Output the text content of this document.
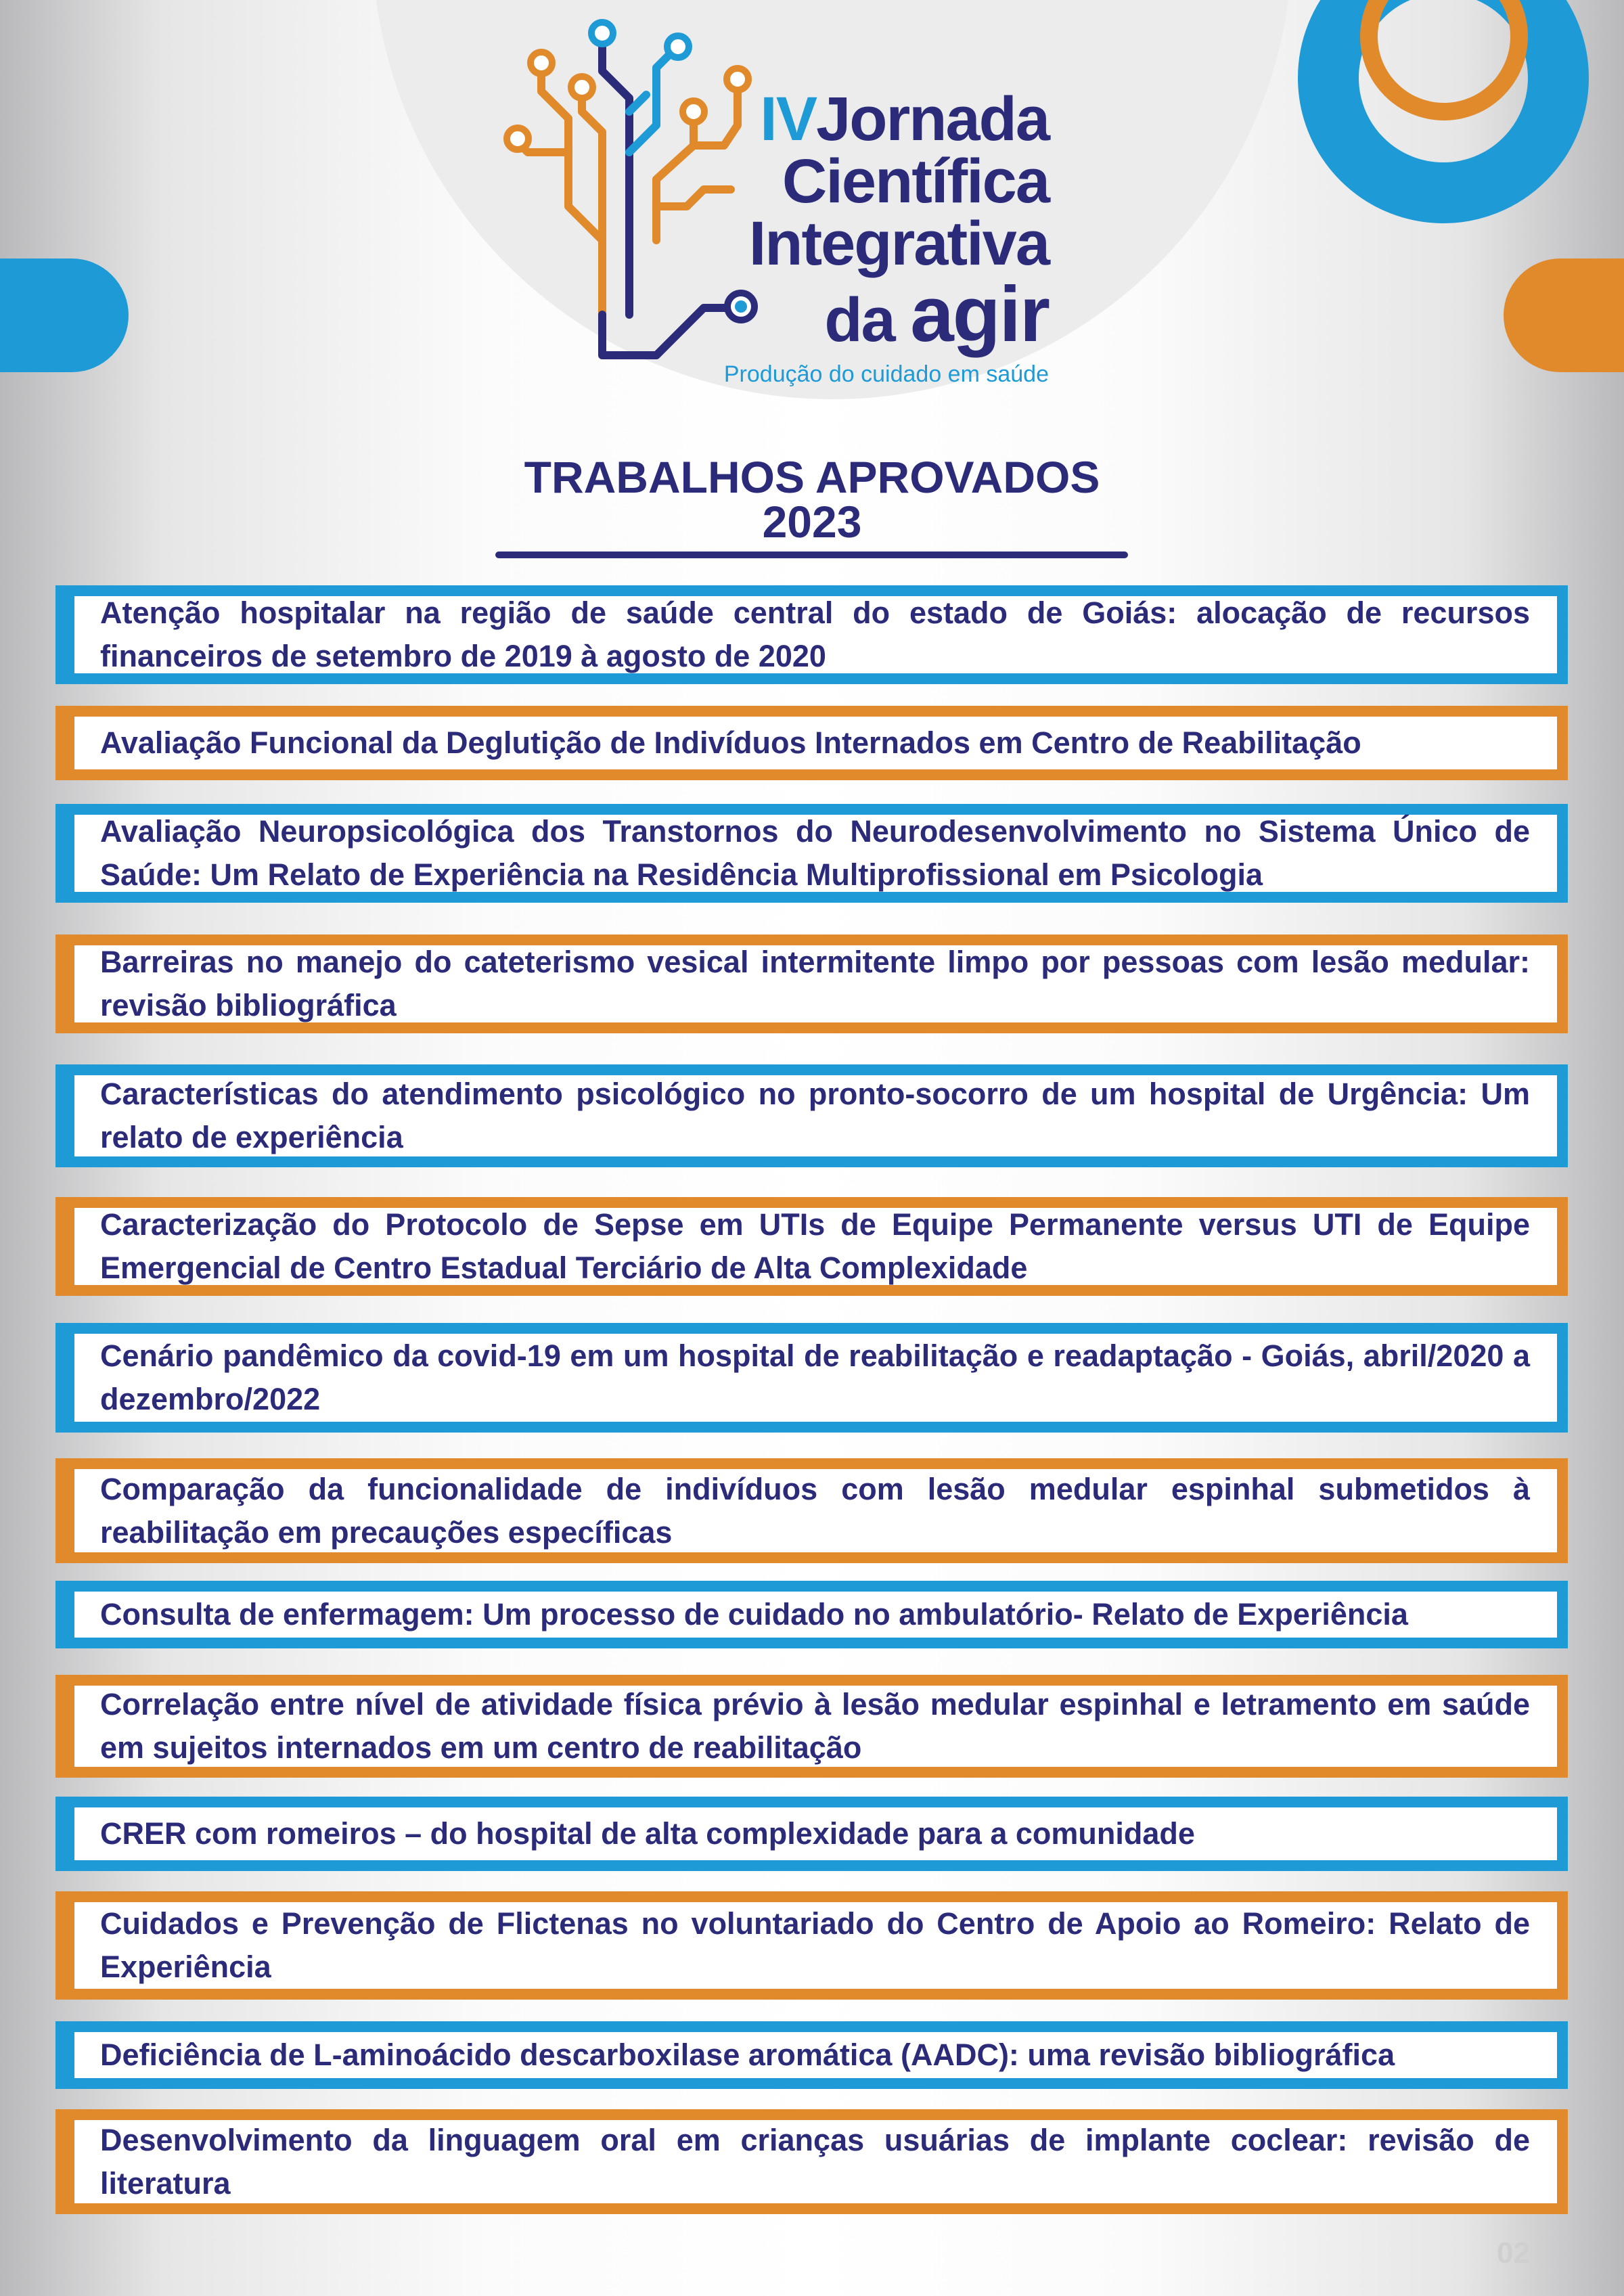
IVJornada
Científica
Integrativa
da agir
Produção do cuidado em saúde
TRABALHOS APROVADOS
2023
Atenção hospitalar na região de saúde central do estado de Goiás: alocação de recursos financeiros de setembro de 2019 à agosto de 2020
Avaliação Funcional da Deglutição de Indivíduos Internados em Centro de Reabilitação
Avaliação Neuropsicológica dos Transtornos do Neurodesenvolvimento no Sistema Único de Saúde: Um Relato de Experiência na Residência Multiprofissional em Psicologia
Barreiras no manejo do cateterismo vesical intermitente limpo por pessoas com lesão medular: revisão bibliográfica
Características do atendimento psicológico no pronto-socorro de um hospital de Urgência: Um relato de experiência
Caracterização do Protocolo de Sepse em UTIs de Equipe Permanente versus UTI de Equipe Emergencial de Centro Estadual Terciário de Alta Complexidade
Cenário pandêmico da covid-19 em um hospital de reabilitação e readaptação - Goiás, abril/2020 a dezembro/2022
Comparação da funcionalidade de indivíduos com lesão medular espinhal submetidos à reabilitação em precauções específicas
Consulta de enfermagem: Um processo de cuidado no ambulatório- Relato de Experiência
Correlação entre nível de atividade física prévio à lesão medular espinhal e letramento em saúde em sujeitos internados em um centro de reabilitação
CRER com romeiros – do hospital de alta complexidade para a comunidade
Cuidados e Prevenção de Flictenas no voluntariado do Centro de Apoio ao Romeiro: Relato de Experiência
Deficiência de L-aminoácido descarboxilase aromática (AADC): uma revisão bibliográfica
Desenvolvimento da linguagem oral em crianças usuárias de implante coclear: revisão de literatura
02
